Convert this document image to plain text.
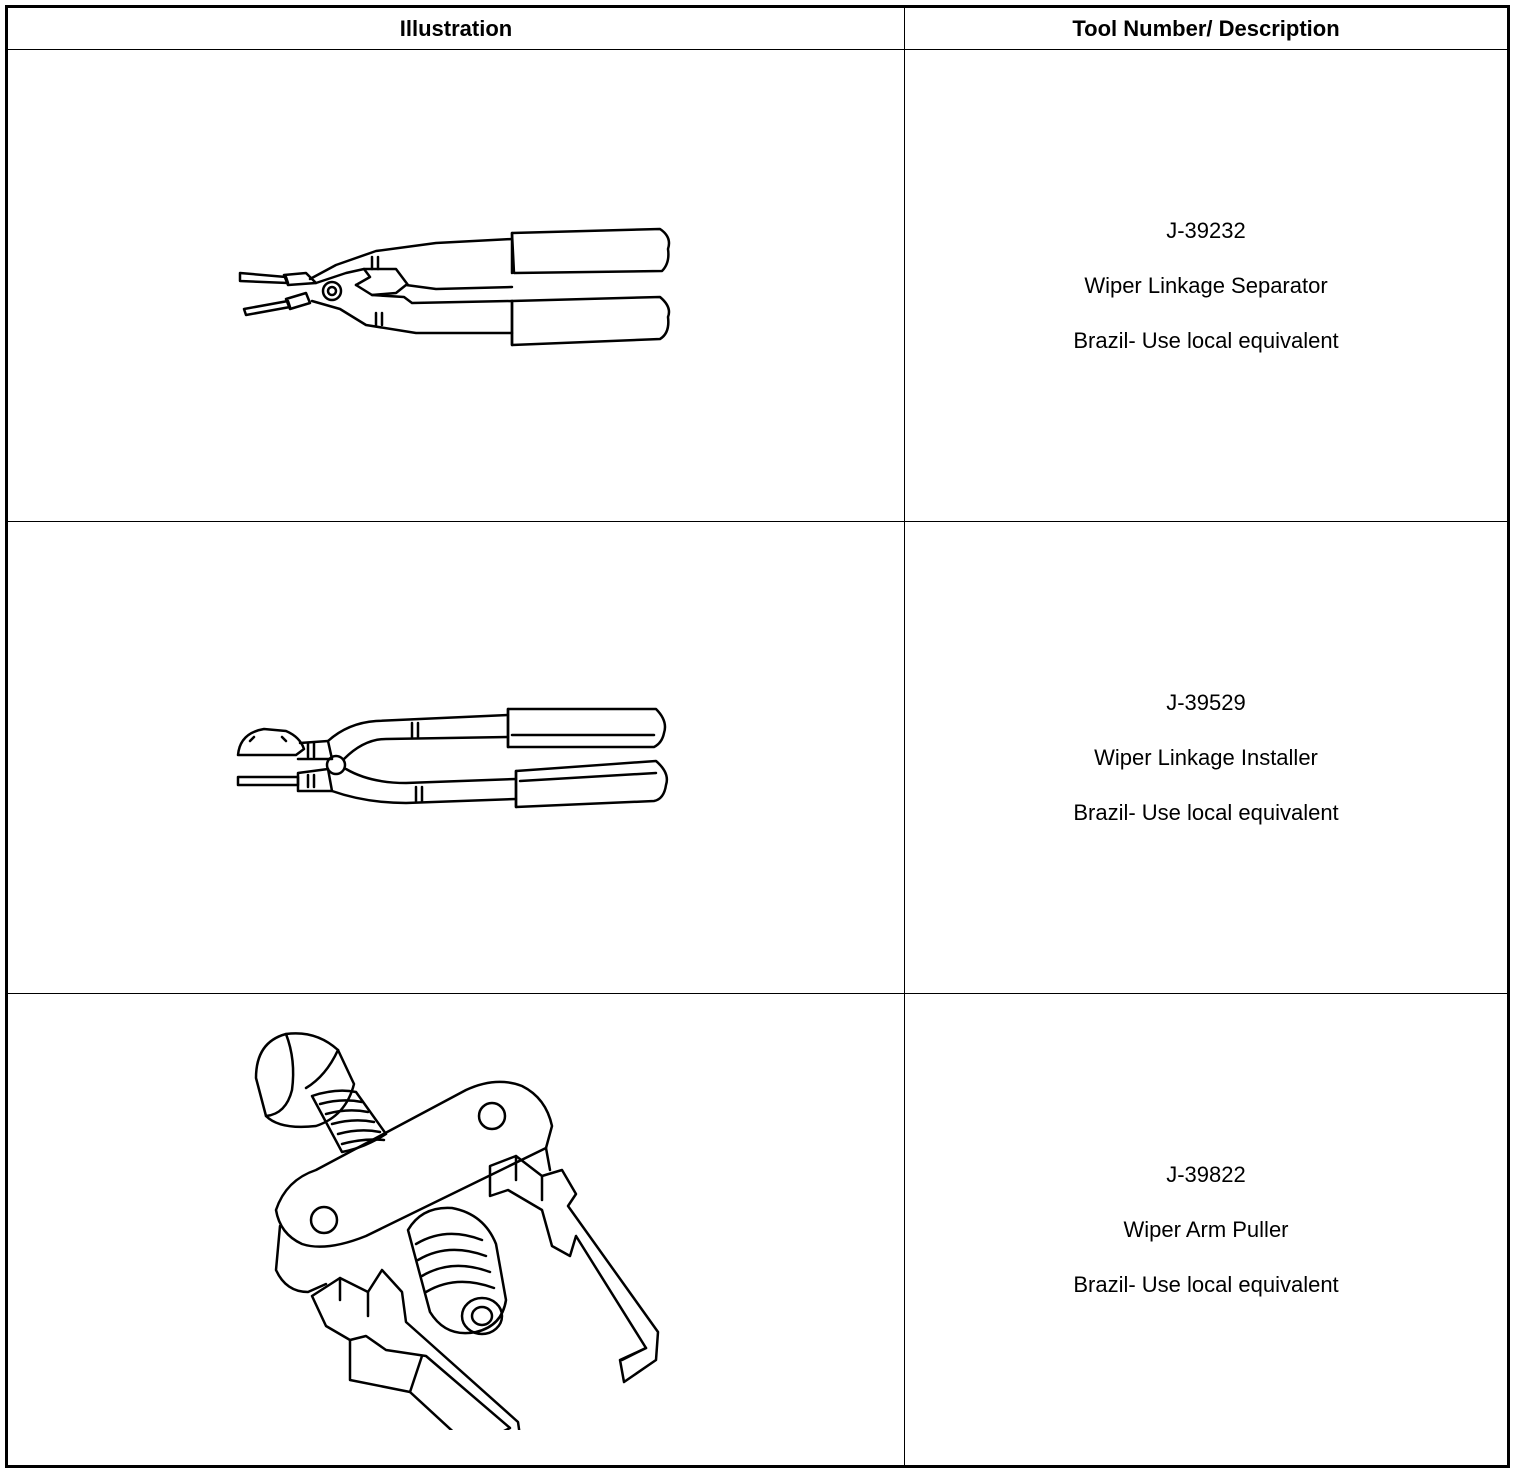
Illustration	Tool Number/ Description

J-39232

Wiper Linkage Separator

Brazil- Use local equivalent

J-39529

Wiper Linkage Installer

Brazil- Use local equivalent

J-39822

Wiper Arm Puller

Brazil- Use local equivalent
